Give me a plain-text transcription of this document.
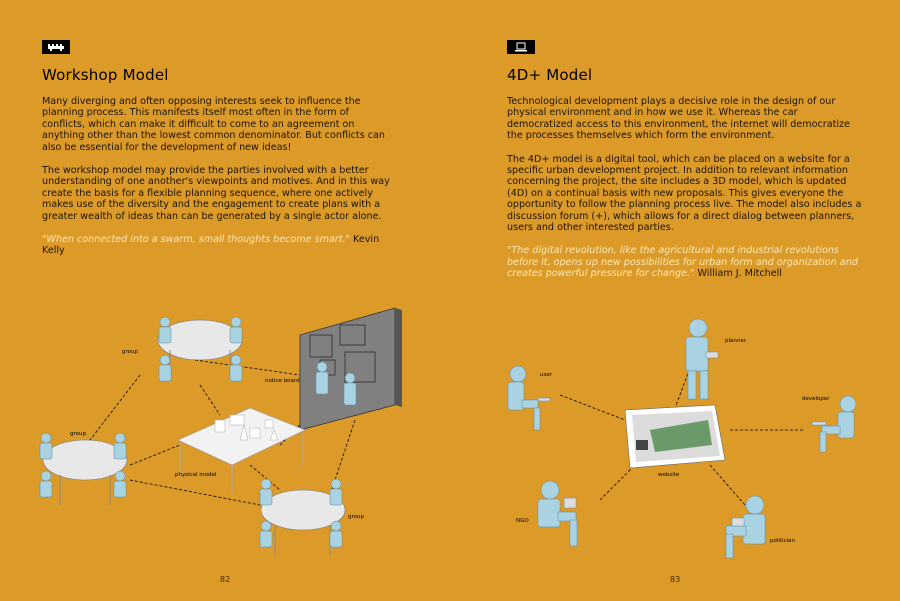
Workshop Model

Many diverging and often opposing interests seek to influence the planning process. This manifests itself most often in the form of conflicts, which can make it difficult to come to an agreement on anything other than the lowest common denominator. But conflicts can also be essential for the development of new ideas!

The workshop model may provide the parties involved with a better understanding of one another's viewpoints and motives. And in this way create the basis for a flexible planning sequence, where one actively makes use of the diversity and the engagement to create plans with a greater wealth of ideas than can be generated by a single actor alone.

"When connected into a swarm, small thoughts become smart." Kevin Kelly

group
notice board
physical model
group
group
82
4D+ Model

Technological development plays a decisive role in the design of our physical environment and in how we use it. Whereas the car democratized access to this environment, the internet will democratize the processes themselves which form the environment.

The 4D+ model is a digital tool, which can be placed on a website for a specific urban development project. In addition to relevant information concerning the project, the site includes a 3D model, which is updated (4D) on a continual basis with new proposals. This gives everyone the opportunity to follow the planning process live. The model also includes a discussion forum (+), which allows for a direct dialog between planners, users and other interested parties.

"The digital revolution, like the agricultural and industrial revolutions before it, opens up new possibilities for urban form and organization and creates powerful pressure for change." William J. Mitchell

website
user
planner
developer
NGO
politician
83
